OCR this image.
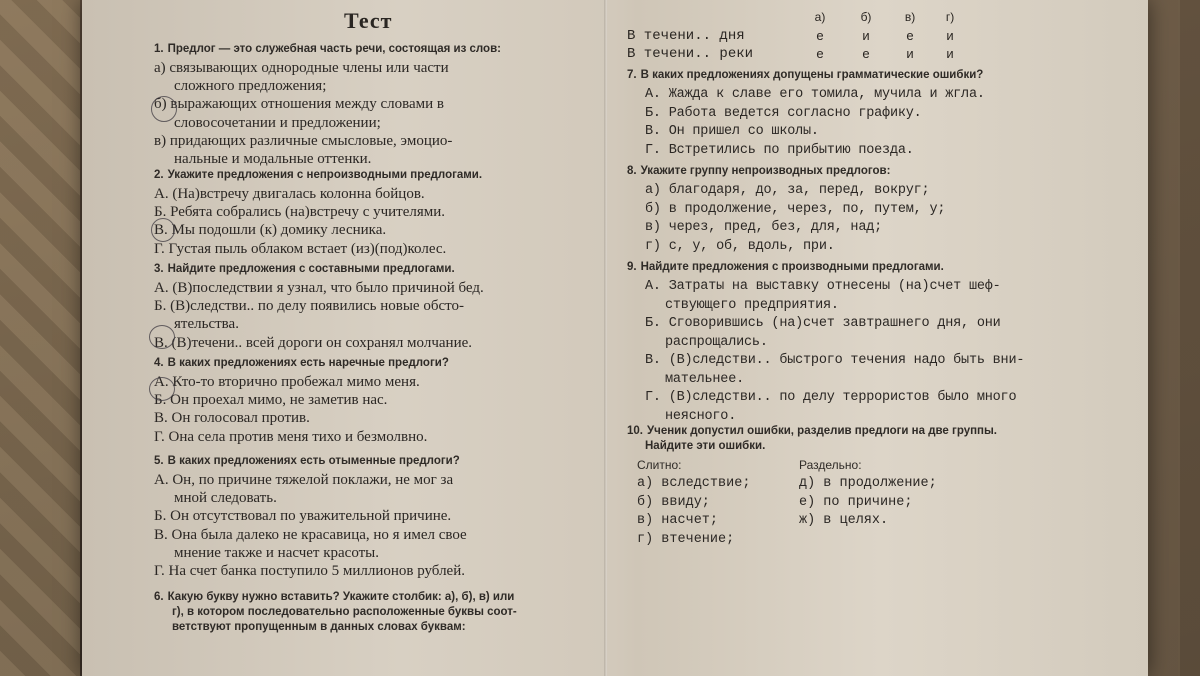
Тест
1. Предлог — это служебная часть речи, состоящая из слов:
а) связывающих однородные члены или части
сложного предложения;
б) выражающих отношения между словами в
словосочетании и предложении;
в) придающих различные смысловые, эмоцио-
нальные и модальные оттенки.
2. Укажите предложения с непроизводными предлогами.
А. (На)встречу двигалась колонна бойцов.
Б. Ребята собрались (на)встречу с учителями.
В. Мы подошли (к) домику лесника.
Г. Густая пыль облаком встает (из)(под)колес.
3. Найдите предложения с составными предлогами.
А. (В)последствии я узнал, что было причиной бед.
Б. (В)следстви.. по делу появились новые обсто-
ятельства.
В. (В)течени.. всей дороги он сохранял молчание.
4. В каких предложениях есть наречные предлоги?
А. Кто-то вторично пробежал мимо меня.
Б. Он проехал мимо, не заметив нас.
В. Он голосовал против.
Г. Она села против меня тихо и безмолвно.
5. В каких предложениях есть отыменные предлоги?
А. Он, по причине тяжелой поклажи, не мог за
мной следовать.
Б. Он отсутствовал по уважительной причине.
В. Она была далеко не красавица, но я имел свое
мнение также и насчет красоты.
Г. На счет банка поступило 5 миллионов рублей.
6. Какую букву нужно вставить? Укажите столбик: а), б), в) или
г), в котором последовательно расположенные буквы соот-
ветствуют пропущенным в данных словах буквам:
а)	б)	в)	г)
В течени.. дня	е	и	е	и
В течени.. реки	е	е	и	и
7. В каких предложениях допущены грамматические ошибки?
А. Жажда к славе его томила, мучила и жгла.
Б. Работа ведется согласно графику.
В. Он пришел со школы.
Г. Встретились по прибытию поезда.
8. Укажите группу непроизводных предлогов:
а) благодаря, до, за, перед, вокруг;
б) в продолжение, через, по, путем, у;
в) через, пред, без, для, над;
г) с, у, об, вдоль, при.
9. Найдите предложения с производными предлогами.
А. Затраты на выставку отнесены (на)счет шеф-
ствующего предприятия.
Б. Сговорившись (на)счет завтрашнего дня, они
распрощались.
В. (В)следстви.. быстрого течения надо быть вни-
мательнее.
Г. (В)следстви.. по делу террористов было много
неясного.
10. Ученик допустил ошибки, разделив предлоги на две группы.
Найдите эти ошибки.
Слитно:
а) вследствие;
б) ввиду;
в) насчет;
г) втечение;
Раздельно:
д) в продолжение;
е) по причине;
ж) в целях.
